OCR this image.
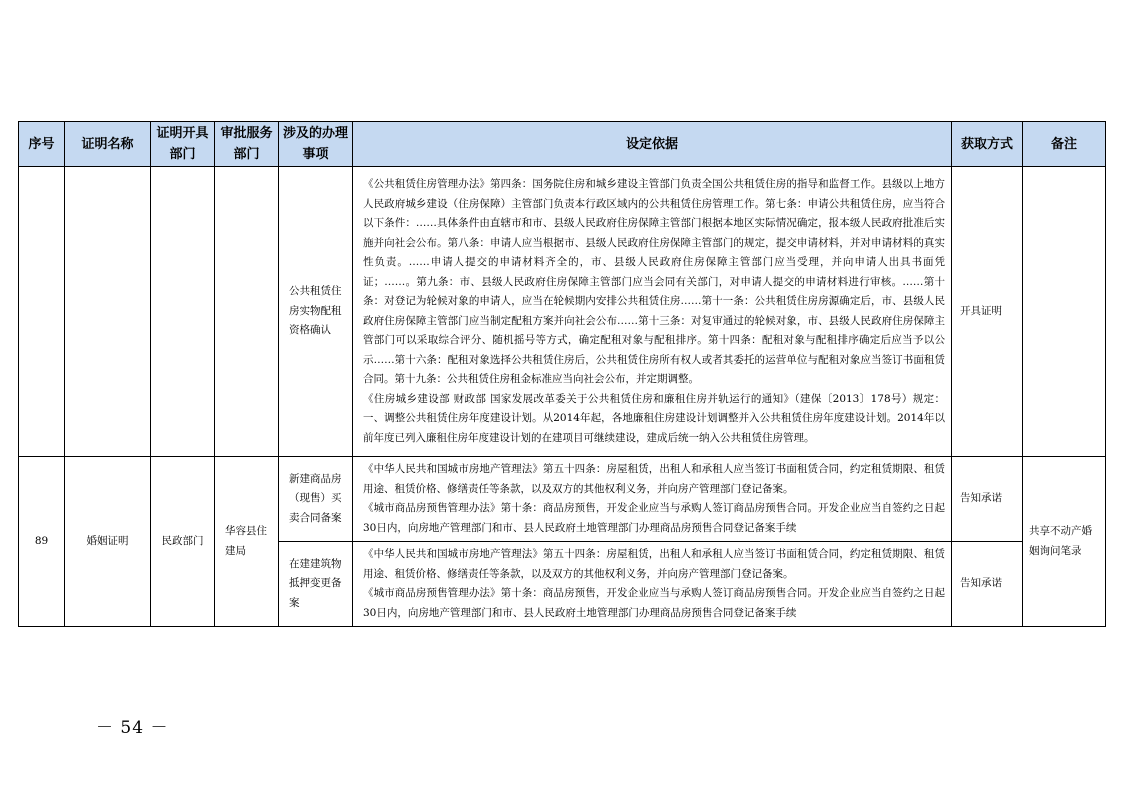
序号	证明名称	证明开具部门	审批服务部门	涉及的办理事项	设定依据	获取方式	备注
				公共租赁住房实物配租资格确认	《公共租赁住房管理办法》第四条：国务院住房和城乡建设主管部门负责全国公共租赁住房的指导和监督工作。县级以上地方人民政府城乡建设（住房保障）主管部门负责本行政区域内的公共租赁住房管理工作。第七条：申请公共租赁住房，应当符合以下条件：……具体条件由直辖市和市、县级人民政府住房保障主管部门根据本地区实际情况确定，报本级人民政府批准后实施并向社会公布。第八条：申请人应当根据市、县级人民政府住房保障主管部门的规定，提交申请材料，并对申请材料的真实性负责。……申请人提交的申请材料齐全的，市、县级人民政府住房保障主管部门应当受理，并向申请人出具书面凭证；……。第九条：市、县级人民政府住房保障主管部门应当会同有关部门，对申请人提交的申请材料进行审核。……第十条：对登记为轮候对象的申请人，应当在轮候期内安排公共租赁住房……第十一条：公共租赁住房房源确定后，市、县级人民政府住房保障主管部门应当制定配租方案并向社会公布……第十三条：对复审通过的轮候对象，市、县级人民政府住房保障主管部门可以采取综合评分、随机摇号等方式，确定配租对象与配租排序。第十四条：配租对象与配租排序确定后应当予以公示……第十六条：配租对象选择公共租赁住房后，公共租赁住房所有权人或者其委托的运营单位与配租对象应当签订书面租赁合同。第十九条：公共租赁住房租金标准应当向社会公布，并定期调整。
《住房城乡建设部 财政部 国家发展改革委关于公共租赁住房和廉租住房并轨运行的通知》（建保〔2013〕178号）规定：一、调整公共租赁住房年度建设计划。从2014年起，各地廉租住房建设计划调整并入公共租赁住房年度建设计划。2014年以前年度已列入廉租住房年度建设计划的在建项目可继续建设，建成后统一纳入公共租赁住房管理。	开具证明	
89	婚姻证明	民政部门	华容县住建局	新建商品房（现售）买卖合同备案	《中华人民共和国城市房地产管理法》第五十四条：房屋租赁，出租人和承租人应当签订书面租赁合同，约定租赁期限、租赁用途、租赁价格、修缮责任等条款，以及双方的其他权利义务，并向房产管理部门登记备案。
《城市商品房预售管理办法》第十条：商品房预售，开发企业应当与承购人签订商品房预售合同。开发企业应当自签约之日起30日内，向房地产管理部门和市、县人民政府土地管理部门办理商品房预售合同登记备案手续	告知承诺	共享不动产婚姻询问笔录
				在建建筑物抵押变更备案	《中华人民共和国城市房地产管理法》第五十四条：房屋租赁，出租人和承租人应当签订书面租赁合同，约定租赁期限、租赁用途、租赁价格、修缮责任等条款，以及双方的其他权利义务，并向房产管理部门登记备案。
《城市商品房预售管理办法》第十条：商品房预售，开发企业应当与承购人签订商品房预售合同。开发企业应当自签约之日起30日内，向房地产管理部门和市、县人民政府土地管理部门办理商品房预售合同登记备案手续	告知承诺	
－ 54 －
